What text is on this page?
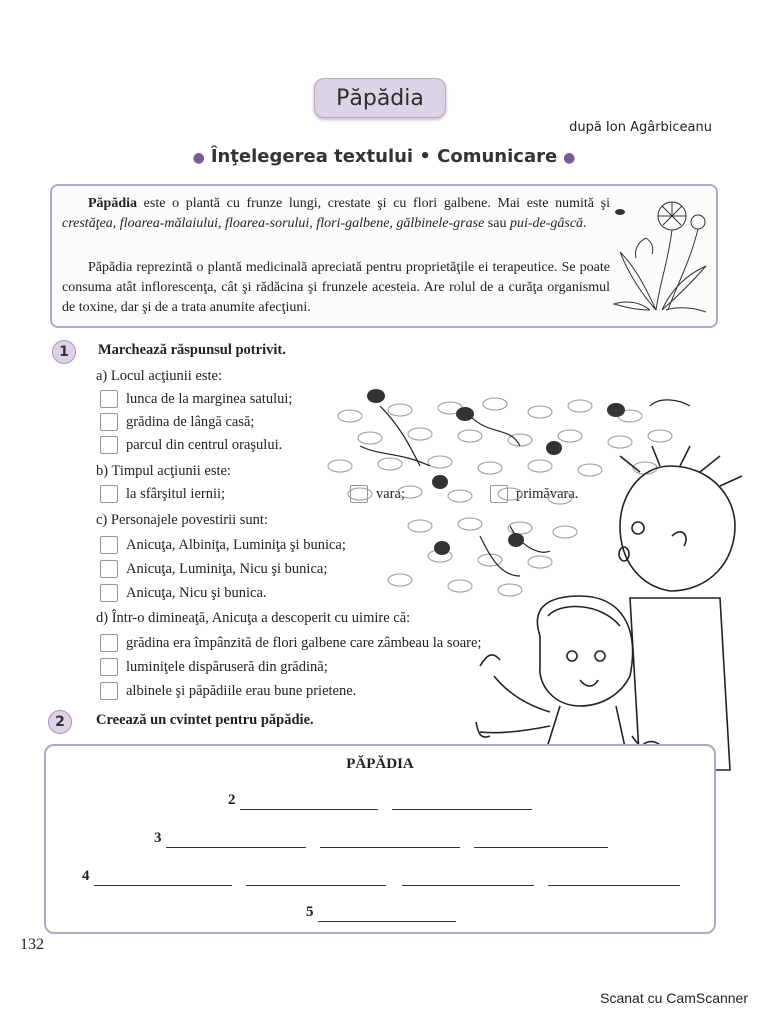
Păpădia
după Ion Agârbiceanu
● Înţelegerea textului • Comunicare ●
Păpădia este o plantă cu frunze lungi, crestate şi cu flori galbene. Mai este numită şi crestăţea, floarea-mălaiului, floarea-sorului, flori-galbene, gălbinele-grase sau pui-de-gâscă.
Păpădia reprezintă o plantă medicinală apreciată pentru proprietăţile ei terapeutice. Se poate consuma atât inflorescenţa, cât şi rădăcina şi frunzele acesteia. Are rolul de a curăţa organismul de toxine, dar şi de a trata anumite afecţiuni.
1	Marchează răspunsul potrivit.
a) Locul acţiunii este:
lunca de la marginea satului;
grădina de lângă casă;
parcul din centrul oraşului.
b) Timpul acţiunii este:
la sfârşitul iernii;	vara;	primăvara.
c) Personajele povestirii sunt:
Anicuţa, Albiniţa, Luminiţa şi bunica;
Anicuţa, Luminiţa, Nicu şi bunica;
Anicuţa, Nicu şi bunica.
d) Într-o dimineaţă, Anicuţa a descoperit cu uimire că:
grădina era împânzită de flori galbene care zâmbeau la soare;
luminiţele dispăruseră din grădină;
albinele şi păpădiile erau bune prietene.
2	Creează un cvintet pentru păpădie.
PĂPĂDIA
2
3
4
5
132
Scanat cu CamScanner
